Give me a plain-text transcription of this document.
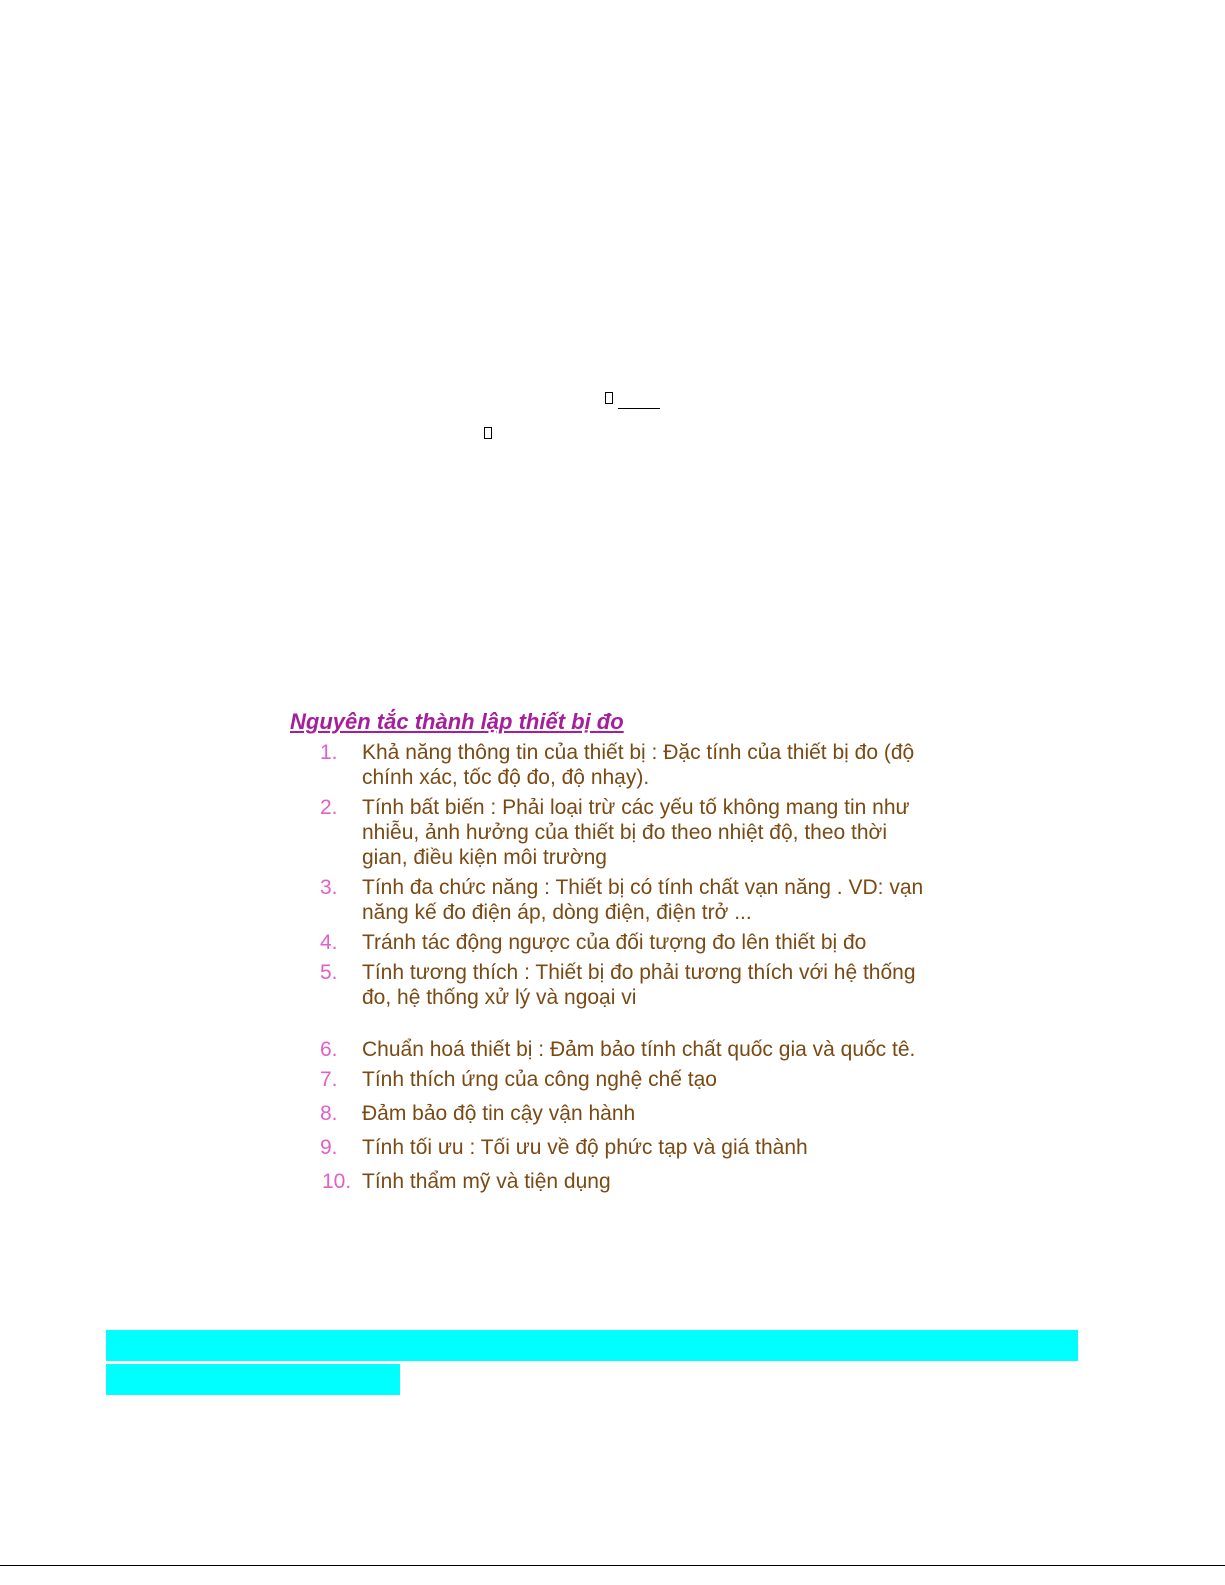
Nguyên tắc thành lập thiết bị đo
1. Khả năng thông tin của thiết bị : Đặc tính của thiết bị đo (độ chính xác, tốc độ đo, độ nhạy).
2. Tính bất biến : Phải loại trừ các yếu tố không mang tin như nhiễu, ảnh hưởng của thiết bị đo theo nhiệt độ, theo thời gian, điều kiện môi trường
3. Tính đa chức năng : Thiết bị có tính chất vạn năng . VD: vạn năng kế đo điện áp, dòng điện, điện trở ...
4. Tránh tác động ngược của đối tượng đo lên thiết bị đo
5. Tính tương thích : Thiết bị đo phải tương thích với hệ thống đo, hệ thống xử lý và ngoại vi
6. Chuẩn hoá thiết bị : Đảm bảo tính chất quốc gia và quốc tê.
7. Tính thích ứng của công nghệ chế tạo
8. Đảm bảo độ tin cậy vận hành
9. Tính tối ưu : Tối ưu về độ phức tạp và giá thành
10. Tính thẩm mỹ và tiện dụng
